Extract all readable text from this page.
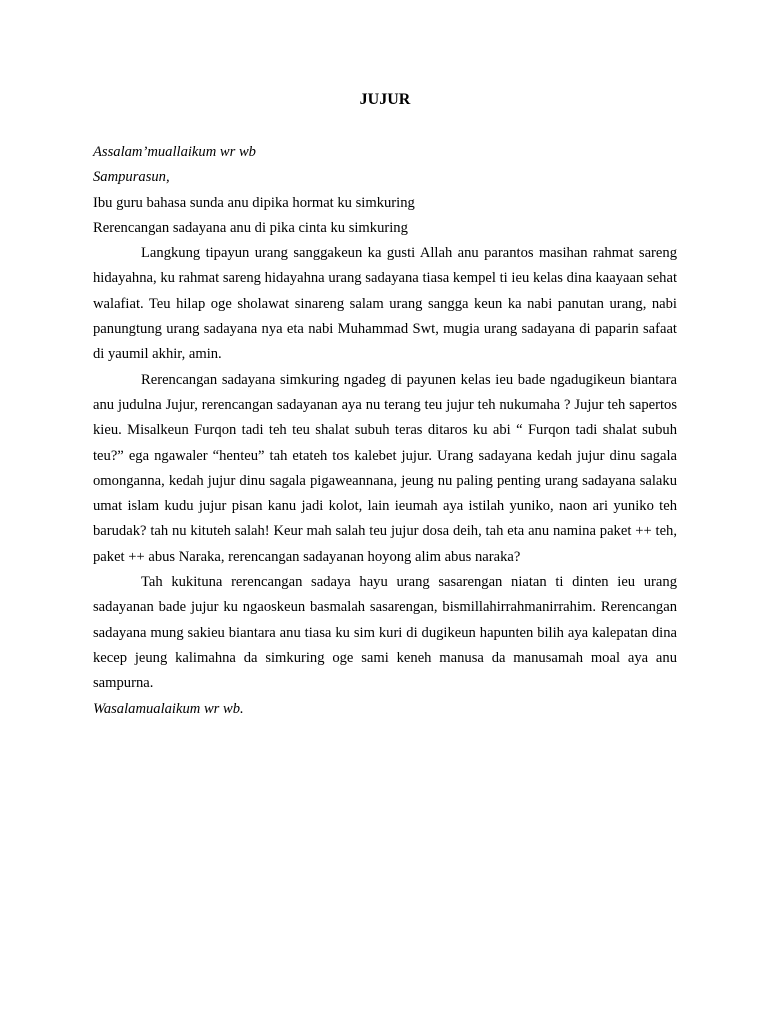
JUJUR

Assalam’muallaikum wr wb

Sampurasun,

Ibu guru bahasa sunda anu dipika hormat ku simkuring

Rerencangan sadayana anu di pika cinta ku simkuring

Langkung tipayun urang sanggakeun ka gusti Allah anu parantos masihan rahmat sareng hidayahna, ku rahmat sareng hidayahna urang sadayana tiasa kempel ti ieu kelas dina kaayaan sehat walafiat. Teu hilap oge sholawat sinareng salam urang sangga keun ka nabi panutan urang, nabi panungtung urang sadayana nya eta nabi Muhammad Swt, mugia urang sadayana di paparin safaat di yaumil akhir, amin.

Rerencangan sadayana simkuring ngadeg di payunen kelas ieu bade ngadugikeun biantara anu judulna Jujur, rerencangan sadayanan aya nu terang teu jujur teh nukumaha ? Jujur teh sapertos kieu. Misalkeun Furqon tadi teh teu shalat subuh teras ditaros ku abi “ Furqon tadi shalat subuh teu?” ega ngawaler “henteu” tah etateh tos kalebet jujur. Urang sadayana kedah jujur dinu sagala omonganna, kedah jujur dinu sagala pigaweannana, jeung nu paling penting urang sadayana salaku umat islam kudu jujur pisan kanu jadi kolot, lain ieumah aya istilah yuniko, naon ari yuniko teh barudak? tah nu kituteh salah! Keur mah salah teu jujur dosa deih, tah eta anu namina paket ++ teh, paket ++ abus Naraka, rerencangan sadayanan hoyong alim abus naraka?

Tah kukituna rerencangan sadaya hayu urang sasarengan niatan ti dinten ieu urang sadayanan bade jujur ku ngaoskeun basmalah sasarengan, bismillahirrahmanirrahim. Rerencangan sadayana mung sakieu biantara anu tiasa ku sim kuri di dugikeun hapunten bilih aya kalepatan dina kecep jeung kalimahna da simkuring oge sami keneh manusa da manusamah moal aya anu sampurna.

Wasalamualaikum wr wb.
